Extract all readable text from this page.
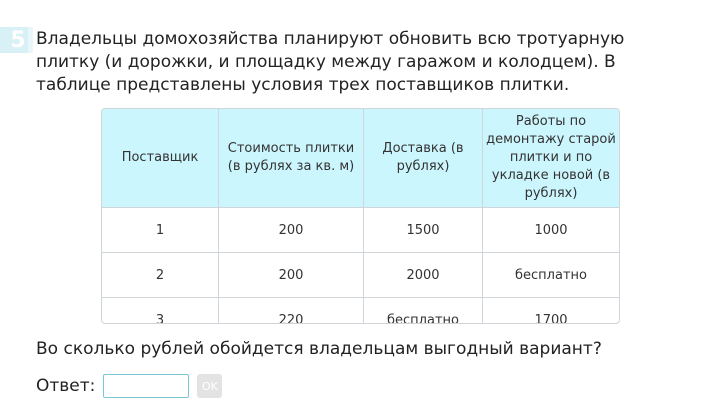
5 Владельцы домохозяйства планируют обновить всю тротуарную плитку (и дорожки, и площадку между гаражом и колодцем). В таблице представлены условия трех поставщиков плитки.
Поставщик	Стоимость плитки (в рублях за кв. м)	Доставка (в рублях)	Работы по демонтажу старой плитки и по укладке новой (в рублях)
1	200	1500	1000
2	200	2000	бесплатно
3	220	бесплатно	1700
Во сколько рублей обойдется владельцам выгодный вариант?
Ответ:	OK
